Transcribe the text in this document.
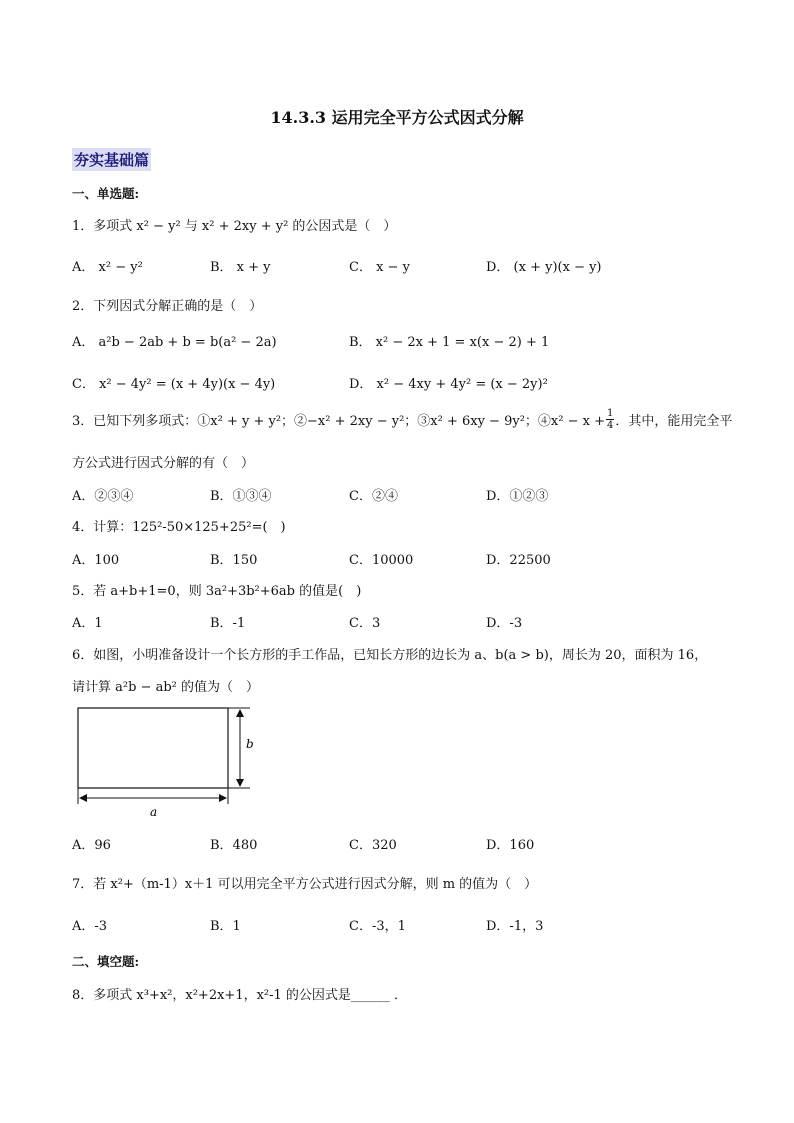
14.3.3 运用完全平方公式因式分解
夯实基础篇
一、单选题:
1．多项式 x² − y² 与 x² + 2xy + y² 的公因式是（　）
A． x² − y²	B． x + y	C． x − y	D． (x + y)(x − y)
2．下列因式分解正确的是（　）
A． a²b − 2ab + b = b(a² − 2a)	B． x² − 2x + 1 = x(x − 2) + 1
C． x² − 4y² = (x + 4y)(x − 4y)	D． x² − 4xy + 4y² = (x − 2y)²
3．已知下列多项式：①x² + y + y²；②−x² + 2xy − y²；③x² + 6xy − 9y²；④x² − $x + \frac{1}{4}$ ．其中，能用完全平
方公式进行因式分解的有（　）
A．②③④	B．①③④	C．②④	D．①②③
4．计算：125²-50×125+25²=(　)
A．100	B．150	C．10000	D．22500
5．若 a+b+1=0，则 3a²+3b²+6ab 的值是(　)
A．1	B．-1	C．3	D．-3
6．如图，小明准备设计一个长方形的手工作品，已知长方形的边长为 a、b(a > b)，周长为 20，面积为 16，
请计算 a²b − ab² 的值为（　）
b
a
A．96	B．480	C．320	D．160
7．若 x²+（m-1）x＋1 可以用完全平方公式进行因式分解，则 m 的值为（　）
A．-3	B．1	C．-3，1	D．-1，3
二、填空题:
8．多项式 x³+x²，x²+2x+1，x²-1 的公因式是______ ．
